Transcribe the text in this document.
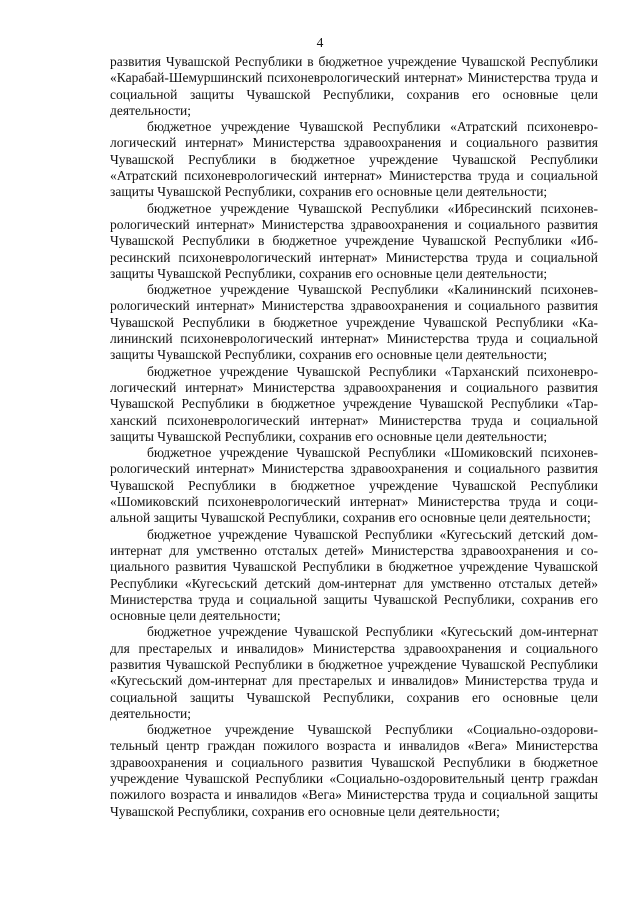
4

развития Чувашской Республики в бюджетное учреждение Чувашской Республики «Карабай-Шемуршинский психоневрологический интернат» Министерства труда и социальной защиты Чувашской Республики, сохранив его основные цели деятельности;

бюджетное учреждение Чувашской Республики «Атратский психоневрологический интернат» Министерства здравоохранения и социального развития Чувашской Республики в бюджетное учреждение Чувашской Республики «Атратский психоневрологический интернат» Министерства труда и социальной защиты Чувашской Республики, сохранив его основные цели деятельности;

бюджетное учреждение Чувашской Республики «Ибресинский психоневрологический интернат» Министерства здравоохранения и социального развития Чувашской Республики в бюджетное учреждение Чувашской Республики «Ибресинский психоневрологический интернат» Министерства труда и социальной защиты Чувашской Республики, сохранив его основные цели деятельности;

бюджетное учреждение Чувашской Республики «Калининский психоневрологический интернат» Министерства здравоохранения и социального развития Чувашской Республики в бюджетное учреждение Чувашской Республики «Калининский психоневрологический интернат» Министерства труда и социальной защиты Чувашской Республики, сохранив его основные цели деятельности;

бюджетное учреждение Чувашской Республики «Тарханский психоневрологический интернат» Министерства здравоохранения и социального развития Чувашской Республики в бюджетное учреждение Чувашской Республики «Тарханский психоневрологический интернат» Министерства труда и социальной защиты Чувашской Республики, сохранив его основные цели деятельности;

бюджетное учреждение Чувашской Республики «Шомиковский психоневрологический интернат» Министерства здравоохранения и социального развития Чувашской Республики в бюджетное учреждение Чувашской Республики «Шомиковский психоневрологический интернат» Министерства труда и социальной защиты Чувашской Республики, сохранив его основные цели деятельности;

бюджетное учреждение Чувашской Республики «Кугесьский детский дом-интернат для умственно отсталых детей» Министерства здравоохранения и социального развития Чувашской Республики в бюджетное учреждение Чувашской Республики «Кугесьский детский дом-интернат для умственно отсталых детей» Министерства труда и социальной защиты Чувашской Республики, сохранив его основные цели деятельности;

бюджетное учреждение Чувашской Республики «Кугесьский дом-интернат для престарелых и инвалидов» Министерства здравоохранения и социального развития Чувашской Республики в бюджетное учреждение Чувашской Республики «Кугесьский дом-интернат для престарелых и инвалидов» Министерства труда и социальной защиты Чувашской Республики, сохранив его основные цели деятельности;

бюджетное учреждение Чувашской Республики «Социально-оздоровительный центр граждан пожилого возраста и инвалидов «Вега» Министерства здравоохранения и социального развития Чувашской Республики в бюджетное учреждение Чувашской Республики «Социально-оздоровительный центр гражdан пожилого возраста и инвалидов «Вега» Министерства труда и социальной защиты Чувашской Республики, сохранив его основные цели деятельности;
